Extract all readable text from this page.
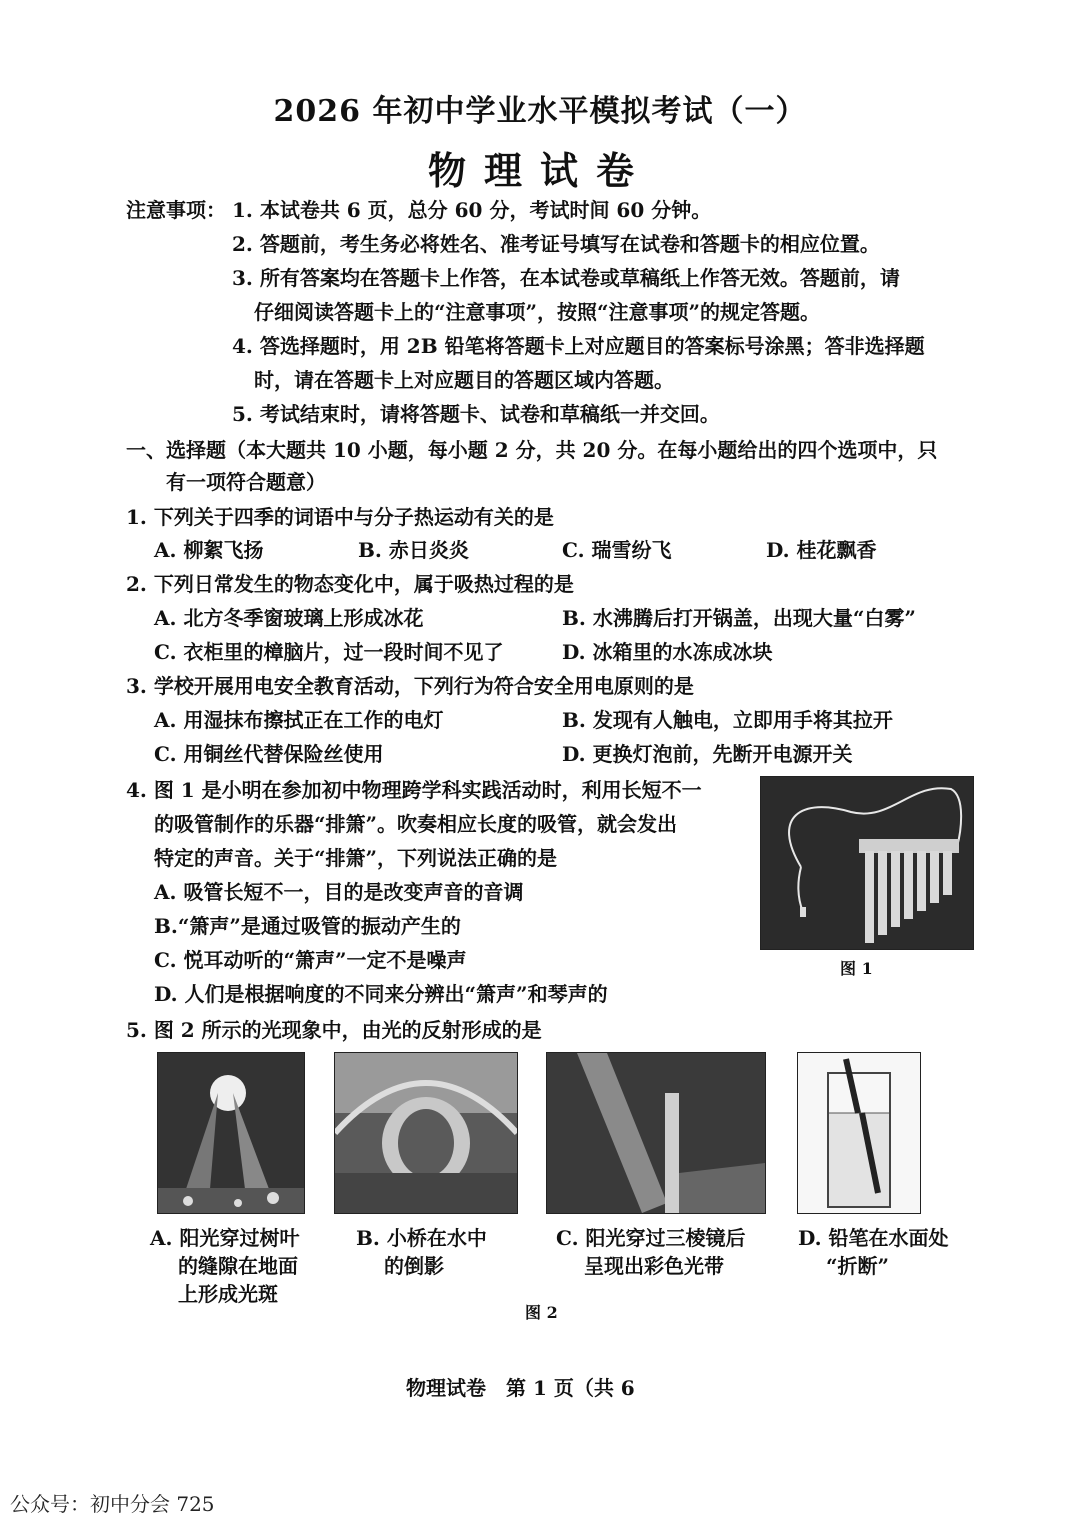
2026 年初中学业水平模拟考试（一）
物理试卷
注意事项： 1. 本试卷共 6 页，总分 60 分，考试时间 60 分钟。
2. 答题前，考生务必将姓名、准考证号填写在试卷和答题卡的相应位置。
3. 所有答案均在答题卡上作答，在本试卷或草稿纸上作答无效。答题前，请
仔细阅读答题卡上的“注意事项”，按照“注意事项”的规定答题。
4. 答选择题时，用 2B 铅笔将答题卡上对应题目的答案标号涂黑；答非选择题
时，请在答题卡上对应题目的答题区域内答题。
5. 考试结束时，请将答题卡、试卷和草稿纸一并交回。
一、选择题（本大题共 10 小题，每小题 2 分，共 20 分。在每小题给出的四个选项中，只
有一项符合题意）
1. 下列关于四季的词语中与分子热运动有关的是
A. 柳絮飞扬	B. 赤日炎炎	C. 瑞雪纷飞	D. 桂花飘香
2. 下列日常发生的物态变化中，属于吸热过程的是
A. 北方冬季窗玻璃上形成冰花	B. 水沸腾后打开锅盖，出现大量“白雾”
C. 衣柜里的樟脑片，过一段时间不见了	D. 冰箱里的水冻成冰块
3. 学校开展用电安全教育活动，下列行为符合安全用电原则的是
A. 用湿抹布擦拭正在工作的电灯	B. 发现有人触电，立即用手将其拉开
C. 用铜丝代替保险丝使用	D. 更换灯泡前，先断开电源开关
4. 图 1 是小明在参加初中物理跨学科实践活动时，利用长短不一
的吸管制作的乐器“排箫”。吹奏相应长度的吸管，就会发出
特定的声音。关于“排箫”，下列说法正确的是
A. 吸管长短不一，目的是改变声音的音调
B.“箫声”是通过吸管的振动产生的
C. 悦耳动听的“箫声”一定不是噪声
D. 人们是根据响度的不同来分辨出“箫声”和琴声的
图 1
5. 图 2 所示的光现象中，由光的反射形成的是
A. 阳光穿过树叶
的缝隙在地面
上形成光斑
B. 小桥在水中
的倒影
C. 阳光穿过三棱镜后
呈现出彩色光带
D. 铅笔在水面处
“折断”
图 2
物理试卷　第 1 页（共 6
公众号：初中分会 725
